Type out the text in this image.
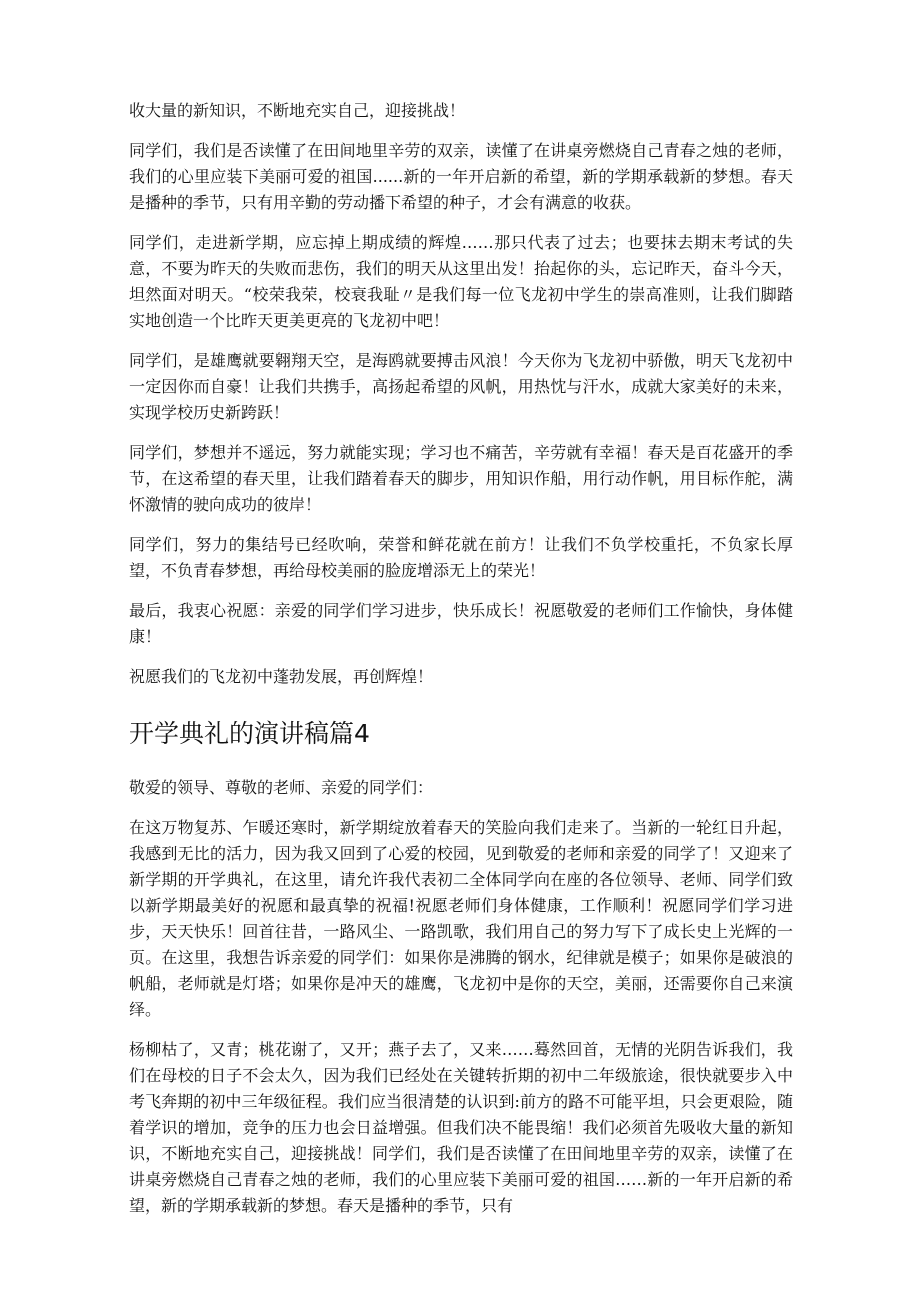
收大量的新知识，不断地充实自己，迎接挑战！

同学们，我们是否读懂了在田间地里辛劳的双亲，读懂了在讲桌旁燃烧自己青春之烛的老师，我们的心里应装下美丽可爱的祖国......新的一年开启新的希望，新的学期承载新的梦想。春天是播种的季节，只有用辛勤的劳动播下希望的种子，才会有满意的收获。

同学们，走进新学期，应忘掉上期成绩的辉煌……那只代表了过去；也要抹去期末考试的失意，不要为昨天的失败而悲伤，我们的明天从这里出发！抬起你的头，忘记昨天，奋斗今天，坦然面对明天。“校荣我荣，校衰我耻〃是我们每一位飞龙初中学生的崇高准则，让我们脚踏实地创造一个比昨天更美更亮的飞龙初中吧！

同学们，是雄鹰就要翱翔天空，是海鸥就要搏击风浪！今天你为飞龙初中骄傲，明天飞龙初中一定因你而自豪！让我们共携手，高扬起希望的风帆，用热忱与汗水，成就大家美好的未来，实现学校历史新跨跃！

同学们，梦想并不遥远，努力就能实现；学习也不痛苦，辛劳就有幸福！春天是百花盛开的季节，在这希望的春天里，让我们踏着春天的脚步，用知识作船，用行动作帆，用目标作舵，满怀激情的驶向成功的彼岸！

同学们，努力的集结号已经吹响，荣誉和鲜花就在前方！让我们不负学校重托，不负家长厚望，不负青春梦想，再给母校美丽的脸庞增添无上的荣光！

最后，我衷心祝愿：亲爱的同学们学习进步，快乐成长！祝愿敬爱的老师们工作愉快，身体健康！

祝愿我们的飞龙初中蓬勃发展，再创辉煌！

开学典礼的演讲稿篇4

敬爱的领导、尊敬的老师、亲爱的同学们：

在这万物复苏、乍暖还寒时，新学期绽放着春天的笑脸向我们走来了。当新的一轮红日升起，我感到无比的活力，因为我又回到了心爱的校园，见到敬爱的老师和亲爱的同学了！又迎来了新学期的开学典礼，在这里，请允许我代表初二全体同学向在座的各位领导、老师、同学们致以新学期最美好的祝愿和最真挚的祝福!祝愿老师们身体健康，工作顺利！祝愿同学们学习进步，天天快乐！回首往昔，一路风尘、一路凯歌，我们用自己的努力写下了成长史上光辉的一页。在这里，我想告诉亲爱的同学们：如果你是沸腾的钢水，纪律就是模子；如果你是破浪的帆船，老师就是灯塔；如果你是冲天的雄鹰，飞龙初中是你的天空，美丽，还需要你自己来演绎。

杨柳枯了，又青；桃花谢了，又开；燕子去了，又来……蓦然回首，无情的光阴告诉我们，我们在母校的日子不会太久，因为我们已经处在关键转折期的初中二年级旅途，很快就要步入中考飞奔期的初中三年级征程。我们应当很清楚的认识到:前方的路不可能平坦，只会更艰险，随着学识的增加，竞争的压力也会日益增强。但我们决不能畏缩！我们必须首先吸收大量的新知识，不断地充实自己，迎接挑战！同学们，我们是否读懂了在田间地里辛劳的双亲，读懂了在讲桌旁燃烧自己青春之烛的老师，我们的心里应装下美丽可爱的祖国……新的一年开启新的希望，新的学期承载新的梦想。春天是播种的季节，只有
